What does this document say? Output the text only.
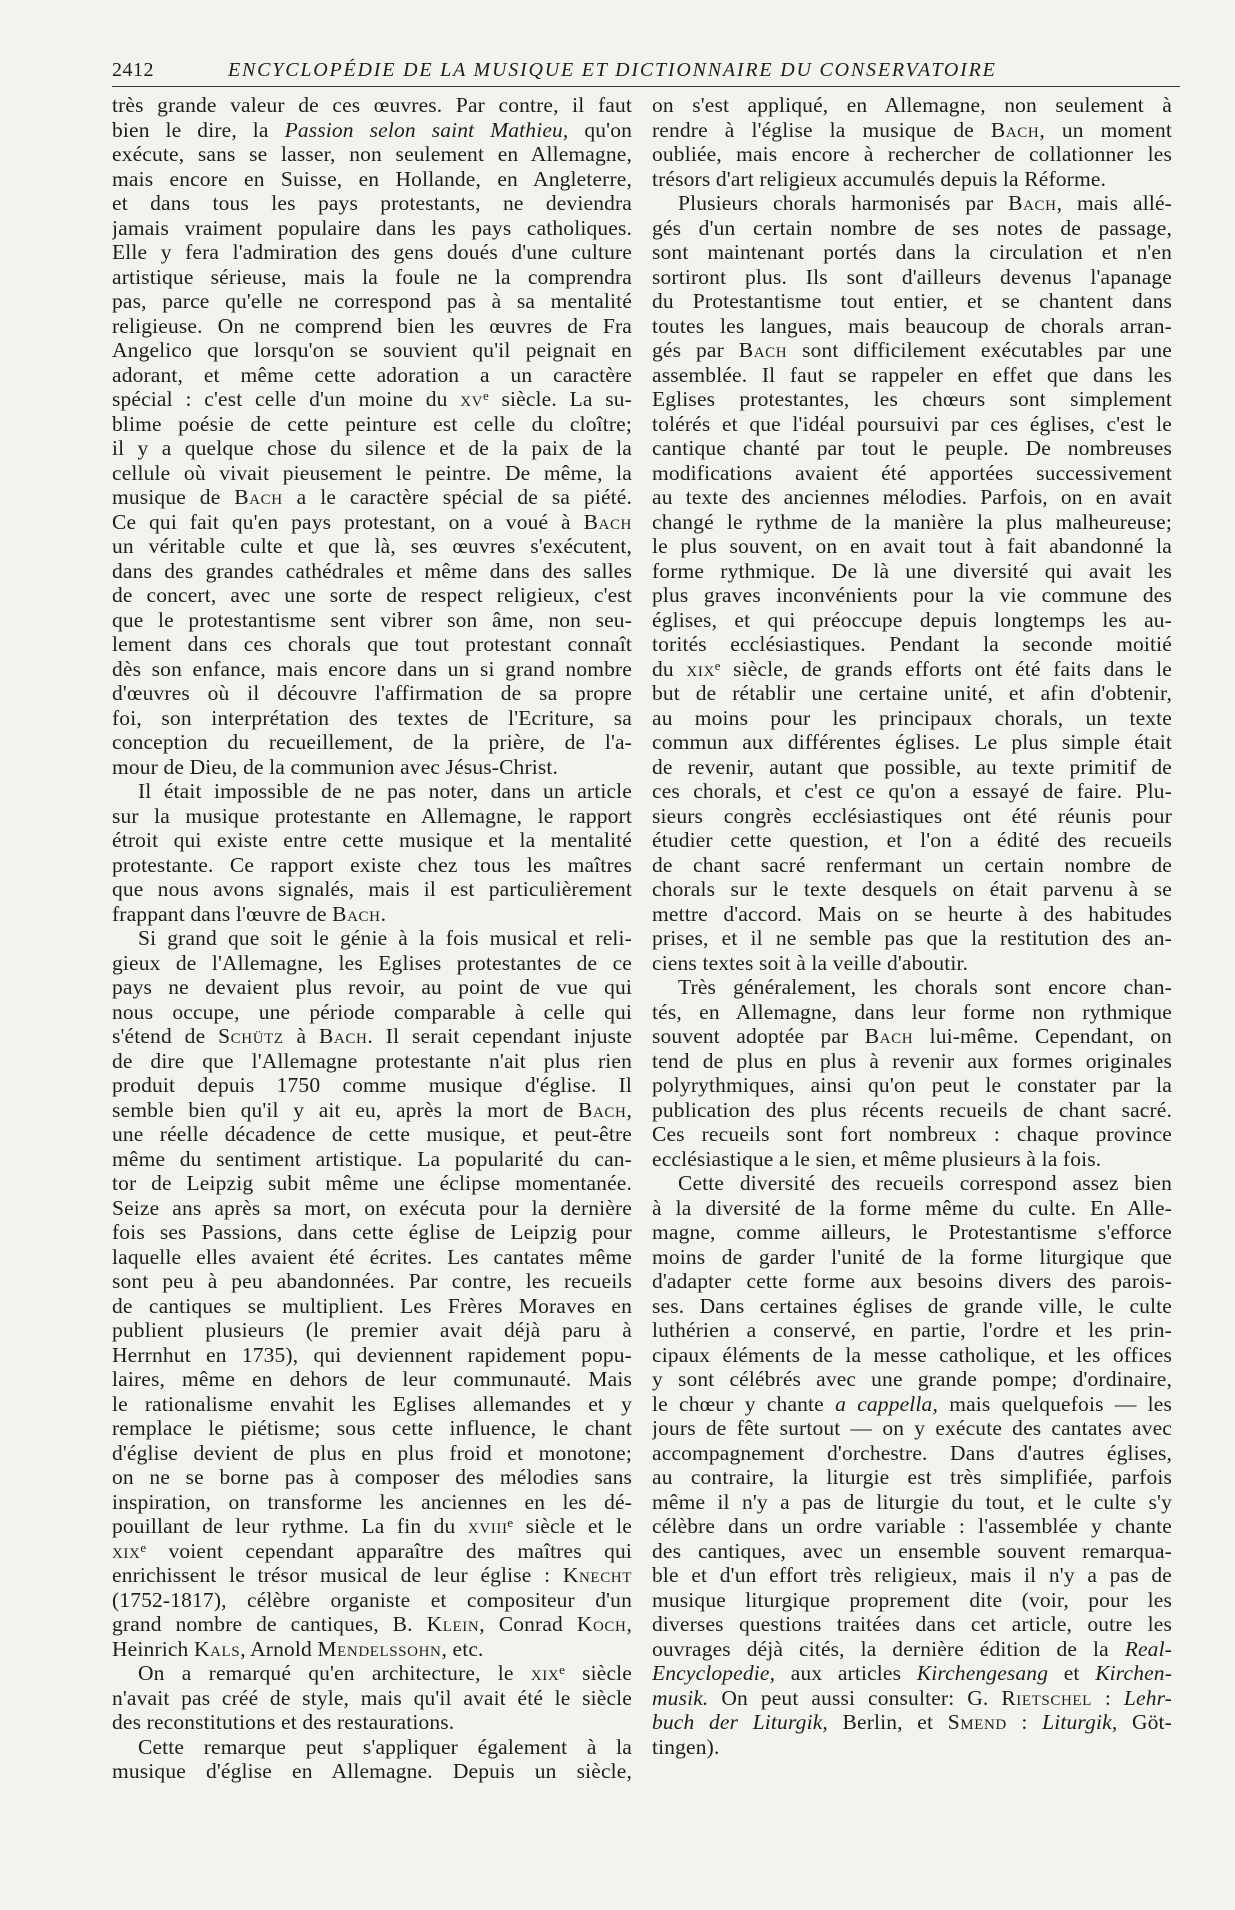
2412	ENCYCLOPÉDIE DE LA MUSIQUE ET DICTIONNAIRE DU CONSERVATOIRE
très grande valeur de ces œuvres. Par contre, il faut
bien le dire, la Passion selon saint Mathieu, qu'on
exécute, sans se lasser, non seulement en Allemagne,
mais encore en Suisse, en Hollande, en Angleterre,
et dans tous les pays protestants, ne deviendra
jamais vraiment populaire dans les pays catholiques.
Elle y fera l'admiration des gens doués d'une culture
artistique sérieuse, mais la foule ne la comprendra
pas, parce qu'elle ne correspond pas à sa mentalité
religieuse. On ne comprend bien les œuvres de Fra
Angelico que lorsqu'on se souvient qu'il peignait en
adorant, et même cette adoration a un caractère
spécial : c'est celle d'un moine du xvᵉ siècle. La su-
blime poésie de cette peinture est celle du cloître;
il y a quelque chose du silence et de la paix de la
cellule où vivait pieusement le peintre. De même, la
musique de Bach a le caractère spécial de sa piété.
Ce qui fait qu'en pays protestant, on a voué à Bach
un véritable culte et que là, ses œuvres s'exécutent,
dans des grandes cathédrales et même dans des salles
de concert, avec une sorte de respect religieux, c'est
que le protestantisme sent vibrer son âme, non seu-
lement dans ces chorals que tout protestant connaît
dès son enfance, mais encore dans un si grand nombre
d'œuvres où il découvre l'affirmation de sa propre
foi, son interprétation des textes de l'Ecriture, sa
conception du recueillement, de la prière, de l'a-
mour de Dieu, de la communion avec Jésus-Christ.
Il était impossible de ne pas noter, dans un article
sur la musique protestante en Allemagne, le rapport
étroit qui existe entre cette musique et la mentalité
protestante. Ce rapport existe chez tous les maîtres
que nous avons signalés, mais il est particulièrement
frappant dans l'œuvre de Bach.
Si grand que soit le génie à la fois musical et reli-
gieux de l'Allemagne, les Eglises protestantes de ce
pays ne devaient plus revoir, au point de vue qui
nous occupe, une période comparable à celle qui
s'étend de Schütz à Bach. Il serait cependant injuste
de dire que l'Allemagne protestante n'ait plus rien
produit depuis 1750 comme musique d'église. Il
semble bien qu'il y ait eu, après la mort de Bach,
une réelle décadence de cette musique, et peut-être
même du sentiment artistique. La popularité du can-
tor de Leipzig subit même une éclipse momentanée.
Seize ans après sa mort, on exécuta pour la dernière
fois ses Passions, dans cette église de Leipzig pour
laquelle elles avaient été écrites. Les cantates même
sont peu à peu abandonnées. Par contre, les recueils
de cantiques se multiplient. Les Frères Moraves en
publient plusieurs (le premier avait déjà paru à
Herrnhut en 1735), qui deviennent rapidement popu-
laires, même en dehors de leur communauté. Mais
le rationalisme envahit les Eglises allemandes et y
remplace le piétisme; sous cette influence, le chant
d'église devient de plus en plus froid et monotone;
on ne se borne pas à composer des mélodies sans
inspiration, on transforme les anciennes en les dé-
pouillant de leur rythme. La fin du xviiiᵉ siècle et le
xixᵉ voient cependant apparaître des maîtres qui
enrichissent le trésor musical de leur église : Knecht
(1752-1817), célèbre organiste et compositeur d'un
grand nombre de cantiques, B. Klein, Conrad Koch,
Heinrich Kals, Arnold Mendelssohn, etc.
On a remarqué qu'en architecture, le xixᵉ siècle
n'avait pas créé de style, mais qu'il avait été le siècle
des reconstitutions et des restaurations.
Cette remarque peut s'appliquer également à la
musique d'église en Allemagne. Depuis un siècle,
on s'est appliqué, en Allemagne, non seulement à
rendre à l'église la musique de Bach, un moment
oubliée, mais encore à rechercher de collationner les
trésors d'art religieux accumulés depuis la Réforme.
Plusieurs chorals harmonisés par Bach, mais allé-
gés d'un certain nombre de ses notes de passage,
sont maintenant portés dans la circulation et n'en
sortiront plus. Ils sont d'ailleurs devenus l'apanage
du Protestantisme tout entier, et se chantent dans
toutes les langues, mais beaucoup de chorals arran-
gés par Bach sont difficilement exécutables par une
assemblée. Il faut se rappeler en effet que dans les
Eglises protestantes, les chœurs sont simplement
tolérés et que l'idéal poursuivi par ces églises, c'est le
cantique chanté par tout le peuple. De nombreuses
modifications avaient été apportées successivement
au texte des anciennes mélodies. Parfois, on en avait
changé le rythme de la manière la plus malheureuse;
le plus souvent, on en avait tout à fait abandonné la
forme rythmique. De là une diversité qui avait les
plus graves inconvénients pour la vie commune des
églises, et qui préoccupe depuis longtemps les au-
torités ecclésiastiques. Pendant la seconde moitié
du xixᵉ siècle, de grands efforts ont été faits dans le
but de rétablir une certaine unité, et afin d'obtenir,
au moins pour les principaux chorals, un texte
commun aux différentes églises. Le plus simple était
de revenir, autant que possible, au texte primitif de
ces chorals, et c'est ce qu'on a essayé de faire. Plu-
sieurs congrès ecclésiastiques ont été réunis pour
étudier cette question, et l'on a édité des recueils
de chant sacré renfermant un certain nombre de
chorals sur le texte desquels on était parvenu à se
mettre d'accord. Mais on se heurte à des habitudes
prises, et il ne semble pas que la restitution des an-
ciens textes soit à la veille d'aboutir.
Très généralement, les chorals sont encore chan-
tés, en Allemagne, dans leur forme non rythmique
souvent adoptée par Bach lui-même. Cependant, on
tend de plus en plus à revenir aux formes originales
polyrythmiques, ainsi qu'on peut le constater par la
publication des plus récents recueils de chant sacré.
Ces recueils sont fort nombreux : chaque province
ecclésiastique a le sien, et même plusieurs à la fois.
Cette diversité des recueils correspond assez bien
à la diversité de la forme même du culte. En Alle-
magne, comme ailleurs, le Protestantisme s'efforce
moins de garder l'unité de la forme liturgique que
d'adapter cette forme aux besoins divers des parois-
ses. Dans certaines églises de grande ville, le culte
luthérien a conservé, en partie, l'ordre et les prin-
cipaux éléments de la messe catholique, et les offices
y sont célébrés avec une grande pompe; d'ordinaire,
le chœur y chante a cappella, mais quelquefois — les
jours de fête surtout — on y exécute des cantates avec
accompagnement d'orchestre. Dans d'autres églises,
au contraire, la liturgie est très simplifiée, parfois
même il n'y a pas de liturgie du tout, et le culte s'y
célèbre dans un ordre variable : l'assemblée y chante
des cantiques, avec un ensemble souvent remarqua-
ble et d'un effort très religieux, mais il n'y a pas de
musique liturgique proprement dite (voir, pour les
diverses questions traitées dans cet article, outre les
ouvrages déjà cités, la dernière édition de la Real-
Encyclopedie, aux articles Kirchengesang et Kirchen-
musik. On peut aussi consulter: G. Rietschel : Lehr-
buch der Liturgik, Berlin, et Smend : Liturgik, Göt-
tingen).
